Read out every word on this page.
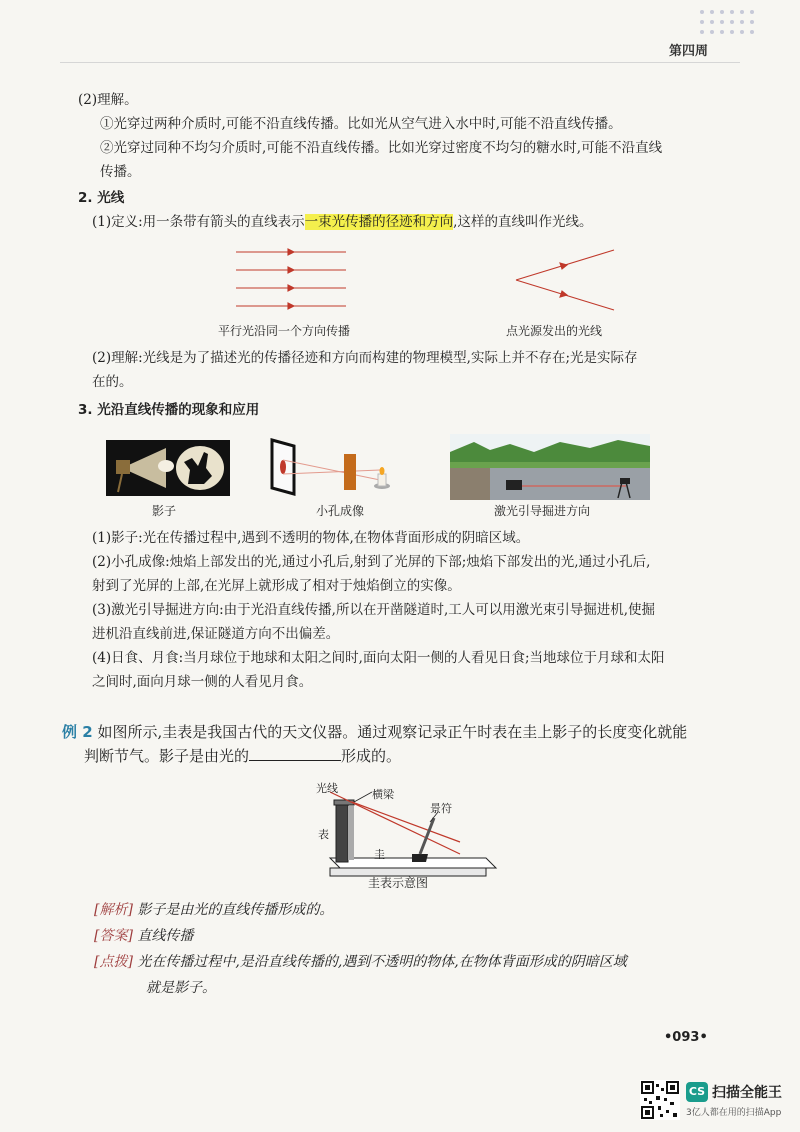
第四周
(2)理解。
①光穿过两种介质时,可能不沿直线传播。比如光从空气进入水中时,可能不沿直线传播。
②光穿过同种不均匀介质时,可能不沿直线传播。比如光穿过密度不均匀的糖水时,可能不沿直线
传播。
2. 光线
(1)定义:用一条带有箭头的直线表示一束光传播的径迹和方向,这样的直线叫作光线。
平行光沿同一个方向传播	点光源发出的光线
(2)理解:光线是为了描述光的传播径迹和方向而构建的物理模型,实际上并不存在;光是实际存
在的。
3. 光沿直线传播的现象和应用
影子	小孔成像	激光引导掘进方向
(1)影子:光在传播过程中,遇到不透明的物体,在物体背面形成的阴暗区域。
(2)小孔成像:烛焰上部发出的光,通过小孔后,射到了光屏的下部;烛焰下部发出的光,通过小孔后,
射到了光屏的上部,在光屏上就形成了相对于烛焰倒立的实像。
(3)激光引导掘进方向:由于光沿直线传播,所以在开凿隧道时,工人可以用激光束引导掘进机,使掘
进机沿直线前进,保证隧道方向不出偏差。
(4)日食、月食:当月球位于地球和太阳之间时,面向太阳一侧的人看见日食;当地球位于月球和太阳
之间时,面向月球一侧的人看见月食。
例 2 如图所示,圭表是我国古代的天文仪器。通过观察记录正午时表在圭上影子的长度变化就能
判断节气。影子是由光的	形成的。
光线	横梁
景符
表
圭
圭表示意图
[解析] 影子是由光的直线传播形成的。
[答案] 直线传播
[点拨] 光在传播过程中,是沿直线传播的,遇到不透明的物体,在物体背面形成的阴暗区域
就是影子。
•093•
CS 扫描全能王
3亿人都在用的扫描App
